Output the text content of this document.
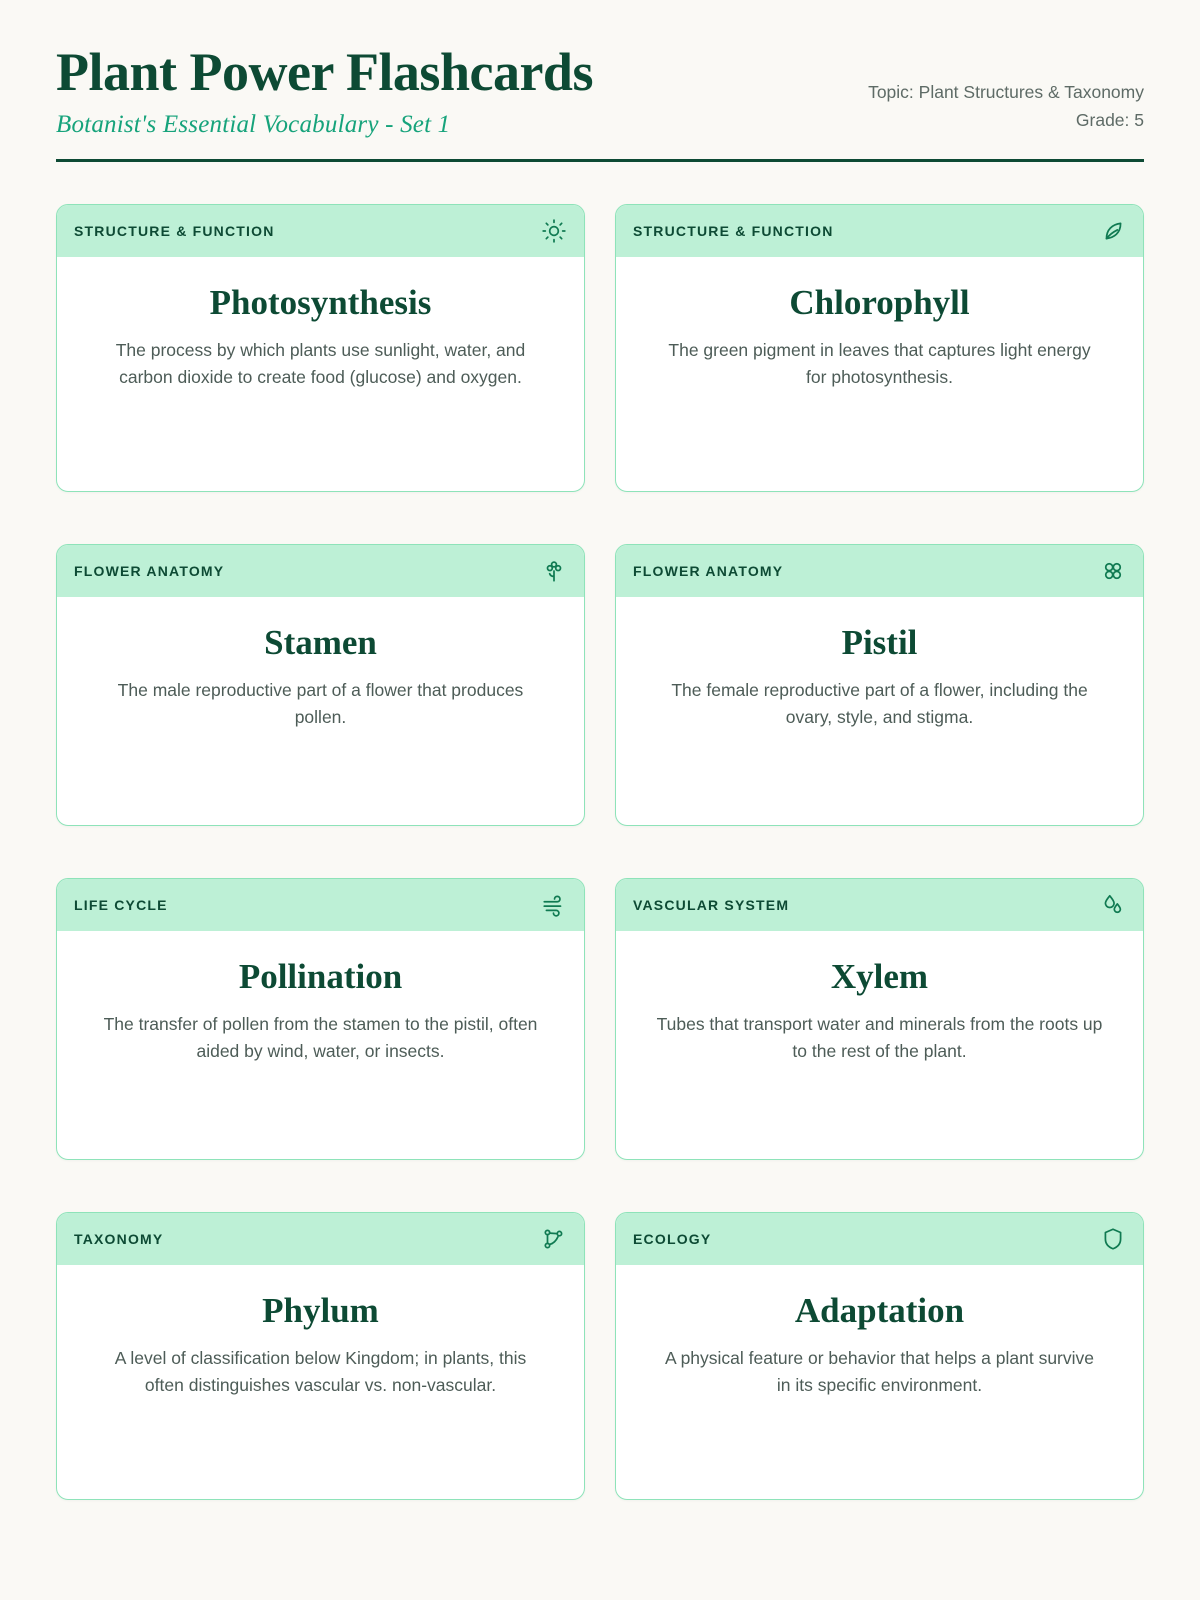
Plant Power Flashcards
Botanist's Essential Vocabulary - Set 1
Topic: Plant Structures & Taxonomy
Grade: 5
STRUCTURE & FUNCTION
Photosynthesis
The process by which plants use sunlight, water, and carbon dioxide to create food (glucose) and oxygen.
STRUCTURE & FUNCTION
Chlorophyll
The green pigment in leaves that captures light energy for photosynthesis.
FLOWER ANATOMY
Stamen
The male reproductive part of a flower that produces pollen.
FLOWER ANATOMY
Pistil
The female reproductive part of a flower, including the ovary, style, and stigma.
LIFE CYCLE
Pollination
The transfer of pollen from the stamen to the pistil, often aided by wind, water, or insects.
VASCULAR SYSTEM
Xylem
Tubes that transport water and minerals from the roots up to the rest of the plant.
TAXONOMY
Phylum
A level of classification below Kingdom; in plants, this often distinguishes vascular vs. non-vascular.
ECOLOGY
Adaptation
A physical feature or behavior that helps a plant survive in its specific environment.
